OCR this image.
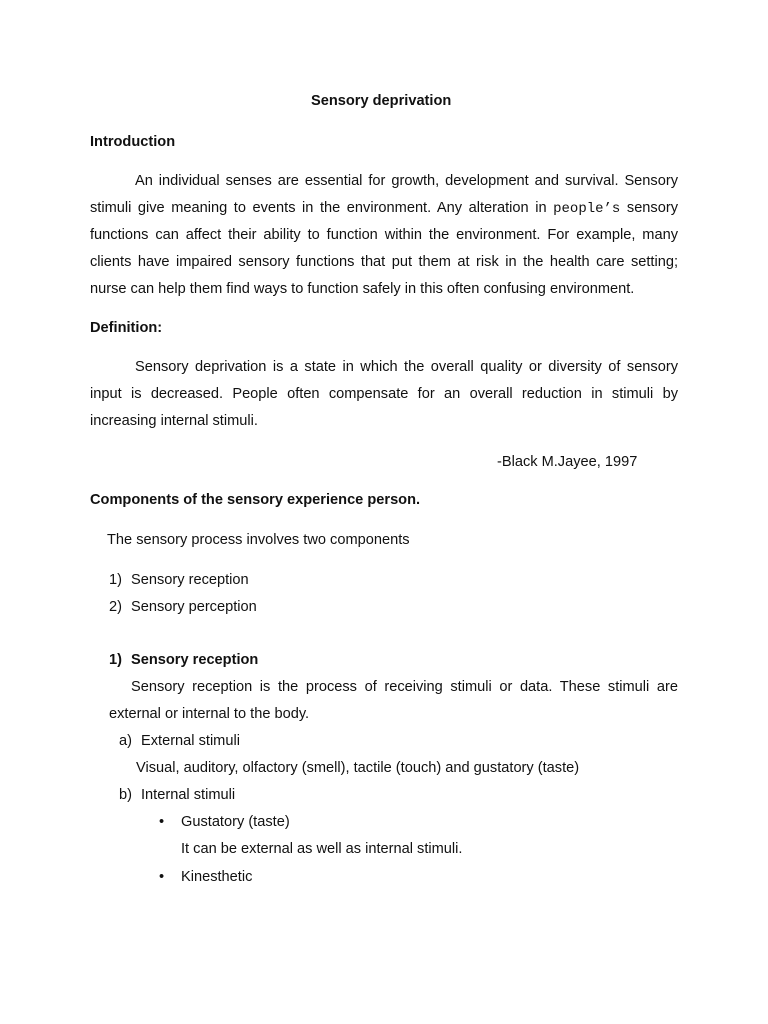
Sensory deprivation
Introduction
An individual senses are essential for growth, development and survival. Sensory
stimuli give meaning to events in the environment. Any alteration in people’s sensory
functions can affect their ability to function within the environment. For example, many
clients have impaired sensory functions that put them at risk in the health care setting;
nurse can help them find ways to function safely in this often confusing environment.
Definition:
Sensory deprivation is a state in which the overall quality or diversity of sensory
input is decreased. People often compensate for an overall reduction in stimuli by
increasing internal stimuli.
-Black M.Jayee, 1997
Components of the sensory experience person.
The sensory process involves two components
1) Sensory reception
2) Sensory perception
1) Sensory reception
Sensory reception is the process of receiving stimuli or data. These stimuli are
external or internal to the body.
a) External stimuli
Visual, auditory, olfactory (smell), tactile (touch) and gustatory (taste)
b) Internal stimuli
• Gustatory (taste)
It can be external as well as internal stimuli.
• Kinesthetic
